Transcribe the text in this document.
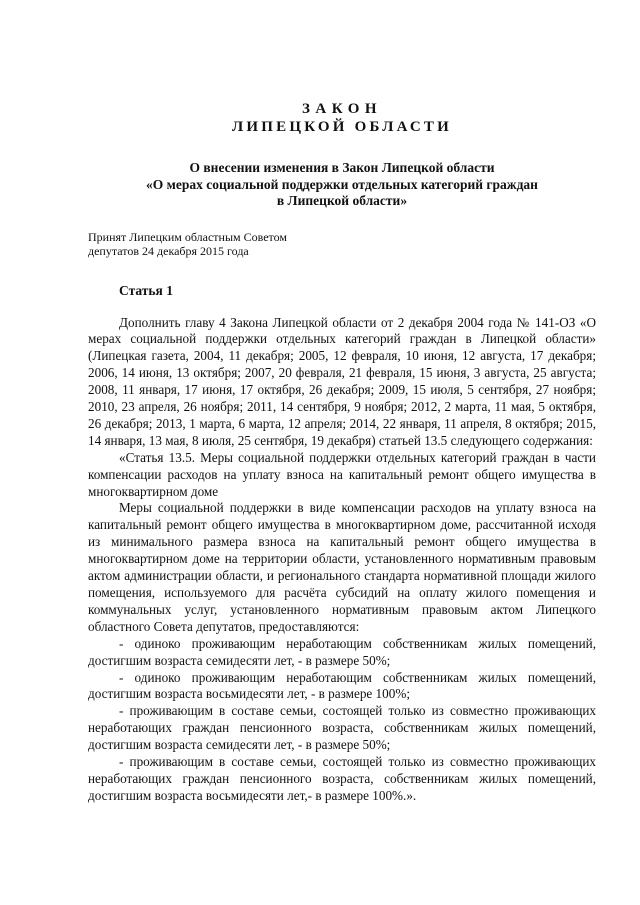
ЗАКОН
ЛИПЕЦКОЙ ОБЛАСТИ
О внесении изменения в Закон Липецкой области
«О мерах социальной поддержки отдельных категорий граждан
в Липецкой области»
Принят Липецким областным Советом
депутатов 24 декабря 2015 года
Статья 1

Дополнить главу 4 Закона Липецкой области от 2 декабря 2004 года № 141-ОЗ «О мерах социальной поддержки отдельных категорий граждан в Липецкой области» (Липецкая газета, 2004, 11 декабря; 2005, 12 февраля, 10 июня, 12 августа, 17 декабря; 2006, 14 июня, 13 октября; 2007, 20 февраля, 21 февраля, 15 июня, 3 августа, 25 августа; 2008, 11 января, 17 июня, 17 октября, 26 декабря; 2009, 15 июля, 5 сентября, 27 ноября; 2010, 23 апреля, 26 ноября; 2011, 14 сентября, 9 ноября; 2012, 2 марта, 11 мая, 5 октября, 26 декабря; 2013, 1 марта, 6 марта, 12 апреля; 2014, 22 января, 11 апреля, 8 октября; 2015, 14 января, 13 мая, 8 июля, 25 сентября, 19 декабря) статьей 13.5 следующего содержания:

«Статья 13.5. Меры социальной поддержки отдельных категорий граждан в части компенсации расходов на уплату взноса на капитальный ремонт общего имущества в многоквартирном доме

Меры социальной поддержки в виде компенсации расходов на уплату взноса на капитальный ремонт общего имущества в многоквартирном доме, рассчитанной исходя из минимального размера взноса на капитальный ремонт общего имущества в многоквартирном доме на территории области, установленного нормативным правовым актом администрации области, и регионального стандарта нормативной площади жилого помещения, используемого для расчёта субсидий на оплату жилого помещения и коммунальных услуг, установленного нормативным правовым актом Липецкого областного Совета депутатов, предоставляются:

- одиноко проживающим неработающим собственникам жилых помещений, достигшим возраста семидесяти лет, - в размере 50%;

- одиноко проживающим неработающим собственникам жилых помещений, достигшим возраста восьмидесяти лет, - в размере 100%;

- проживающим в составе семьи, состоящей только из совместно проживающих неработающих граждан пенсионного возраста, собственникам жилых помещений, достигшим возраста семидесяти лет, - в размере 50%;

- проживающим в составе семьи, состоящей только из совместно проживающих неработающих граждан пенсионного возраста, собственникам жилых помещений, достигшим возраста восьмидесяти лет,- в размере 100%.».
